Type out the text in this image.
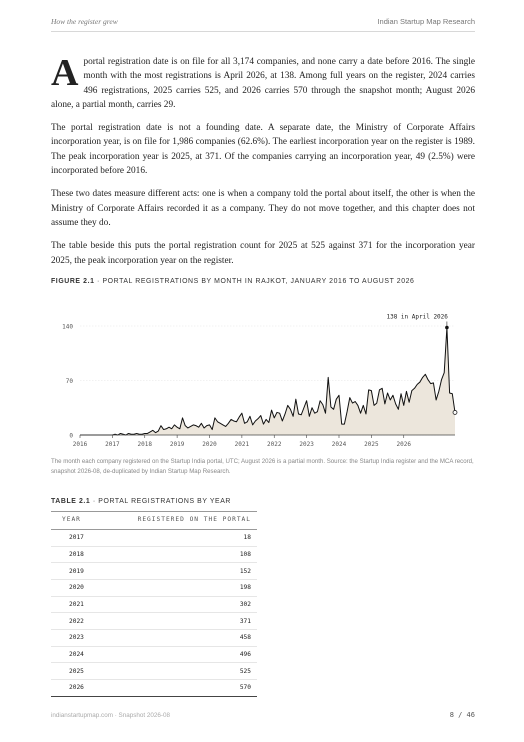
How the register grew	Indian Startup Map Research

Aportal registration date is on file for all 3,174 companies, and none carry a date before 2016. The single month with the most registrations is April 2026, at 138. Among full years on the register, 2024 carries 496 registrations, 2025 carries 525, and 2026 carries 570 through the snapshot month; August 2026 alone, a partial month, carries 29.

The portal registration date is not a founding date. A separate date, the Ministry of Corporate Affairs incorporation year, is on file for 1,986 companies (62.6%). The earliest incorporation year on the register is 1989. The peak incorporation year is 2025, at 371. Of the companies carrying an incorporation year, 49 (2.5%) were incorporated before 2016.

These two dates measure different acts: one is when a company told the portal about itself, the other is when the Ministry of Corporate Affairs recorded it as a company. They do not move together, and this chapter does not assume they do.

The table beside this puts the portal registration count for 2025 at 525 against 371 for the incorporation year 2025, the peak incorporation year on the register.

FIGURE 2.1 · PORTAL REGISTRATIONS BY MONTH IN RAJKOT, JANUARY 2016 TO AUGUST 2026
0
70
140
2016	2017	2018	2019	2020	2021	2022	2023	2024	2025	2026
138 in April 2026
The month each company registered on the Startup India portal, UTC; August 2026 is a partial month. Source: the Startup India register and the MCA record, snapshot 2026-08, de-duplicated by Indian Startup Map Research.
TABLE 2.1 · PORTAL REGISTRATIONS BY YEAR
YEAR	REGISTERED ON THE PORTAL
2017	18
2018	108
2019	152
2020	198
2021	302
2022	371
2023	458
2024	496
2025	525
2026	570
indianstartupmap.com · Snapshot 2026-08	8 / 46
